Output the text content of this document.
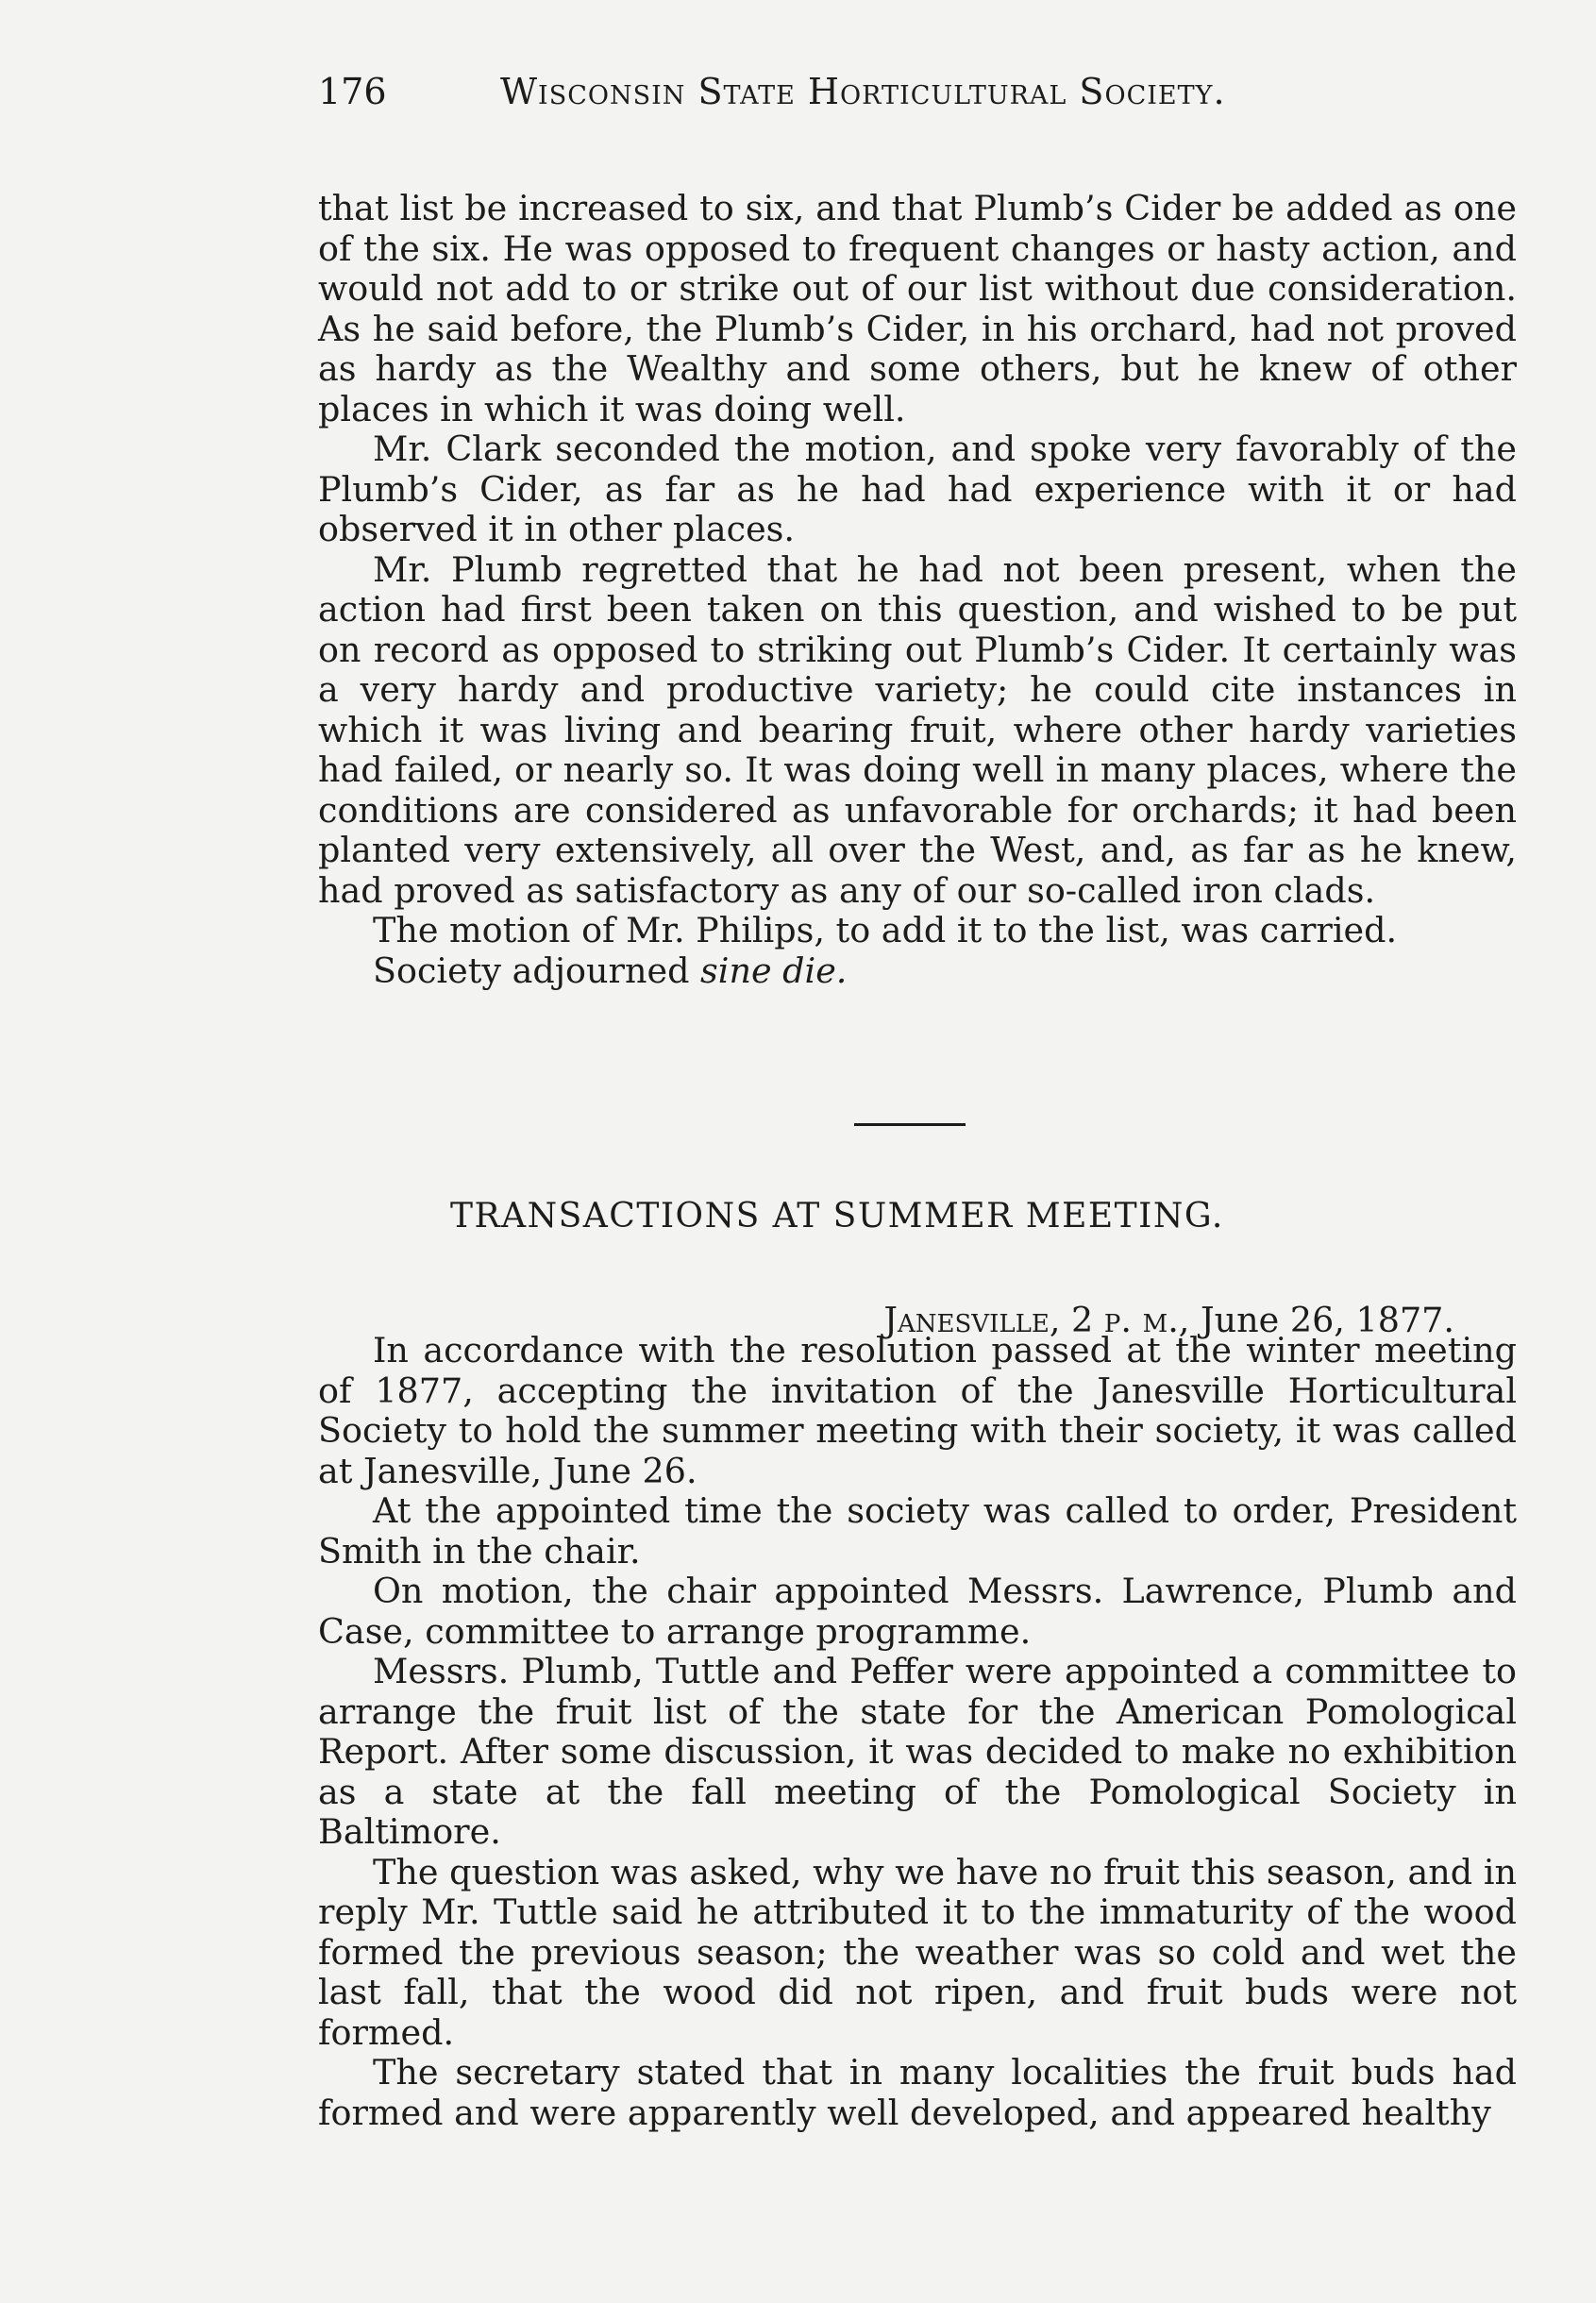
176	Wisconsin State Horticultural Society.

that list be increased to six, and that Plumb’s Cider be added as one of the six. He was opposed to frequent changes or hasty action, and would not add to or strike out of our list without due consideration. As he said before, the Plumb’s Cider, in his orchard, had not proved as hardy as the Wealthy and some others, but he knew of other places in which it was doing well.

Mr. Clark seconded the motion, and spoke very favorably of the Plumb’s Cider, as far as he had had experience with it or had observed it in other places.

Mr. Plumb regretted that he had not been present, when the action had first been taken on this question, and wished to be put on record as opposed to striking out Plumb’s Cider. It certainly was a very hardy and productive variety; he could cite instances in which it was living and bearing fruit, where other hardy varieties had failed, or nearly so. It was doing well in many places, where the conditions are considered as unfavorable for orchards; it had been planted very extensively, all over the West, and, as far as he knew, had proved as satisfactory as any of our so-called iron clads.

The motion of Mr. Philips, to add it to the list, was carried.

Society adjourned sine die.

TRANSACTIONS AT SUMMER MEETING.
Janesville, 2 p. m., June 26, 1877.

In accordance with the resolution passed at the winter meeting of 1877, accepting the invitation of the Janesville Horticultural Society to hold the summer meeting with their society, it was called at Janesville, June 26.

At the appointed time the society was called to order, President Smith in the chair.

On motion, the chair appointed Messrs. Lawrence, Plumb and Case, committee to arrange programme.

Messrs. Plumb, Tuttle and Peffer were appointed a committee to arrange the fruit list of the state for the American Pomological Report. After some discussion, it was decided to make no exhibition as a state at the fall meeting of the Pomological Society in Baltimore.

The question was asked, why we have no fruit this season, and in reply Mr. Tuttle said he attributed it to the immaturity of the wood formed the previous season; the weather was so cold and wet the last fall, that the wood did not ripen, and fruit buds were not formed.

The secretary stated that in many localities the fruit buds had formed and were apparently well developed, and appeared healthy
